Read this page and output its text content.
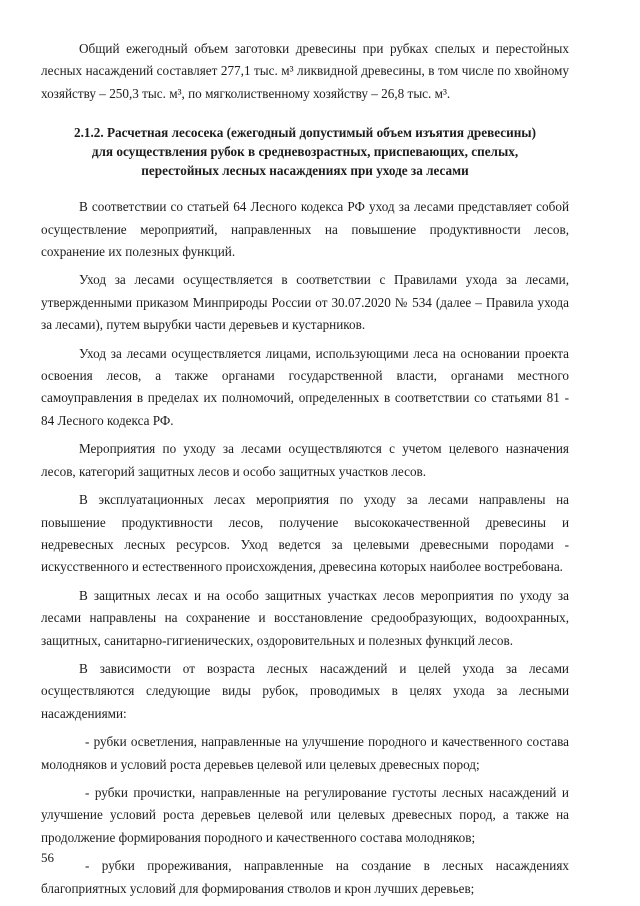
Общий ежегодный объем заготовки древесины при рубках спелых и перестойных лесных насаждений составляет 277,1 тыс. м³ ликвидной древесины, в том числе по хвойному хозяйству – 250,3 тыс. м³, по мягколиственному хозяйству – 26,8 тыс. м³.

2.1.2. Расчетная лесосека (ежегодный допустимый объем изъятия древесины) для осуществления рубок в средневозрастных, приспевающих, спелых, перестойных лесных насаждениях при уходе за лесами

В соответствии со статьей 64 Лесного кодекса РФ уход за лесами представляет собой осуществление мероприятий, направленных на повышение продуктивности лесов, сохранение их полезных функций.

Уход за лесами осуществляется в соответствии с Правилами ухода за лесами, утвержденными приказом Минприроды России от 30.07.2020 № 534 (далее – Правила ухода за лесами), путем вырубки части деревьев и кустарников.

Уход за лесами осуществляется лицами, использующими леса на основании проекта освоения лесов, а также органами государственной власти, органами местного самоуправления в пределах их полномочий, определенных в соответствии со статьями 81 - 84 Лесного кодекса РФ.

Мероприятия по уходу за лесами осуществляются с учетом целевого назначения лесов, категорий защитных лесов и особо защитных участков лесов.

В эксплуатационных лесах мероприятия по уходу за лесами направлены на повышение продуктивности лесов, получение высококачественной древесины и недревесных лесных ресурсов. Уход ведется за целевыми древесными породами - искусственного и естественного происхождения, древесина которых наиболее востребована.

В защитных лесах и на особо защитных участках лесов мероприятия по уходу за лесами направлены на сохранение и восстановление средообразующих, водоохранных, защитных, санитарно-гигиенических, оздоровительных и полезных функций лесов.

В зависимости от возраста лесных насаждений и целей ухода за лесами осуществляются следующие виды рубок, проводимых в целях ухода за лесными насаждениями:

- рубки осветления, направленные на улучшение породного и качественного состава молодняков и условий роста деревьев целевой или целевых древесных пород;

- рубки прочистки, направленные на регулирование густоты лесных насаждений и улучшение условий роста деревьев целевой или целевых древесных пород, а также на продолжение формирования породного и качественного состава молодняков;

- рубки прореживания, направленные на создание в лесных насаждениях благоприятных условий для формирования стволов и крон лучших деревьев;

56
